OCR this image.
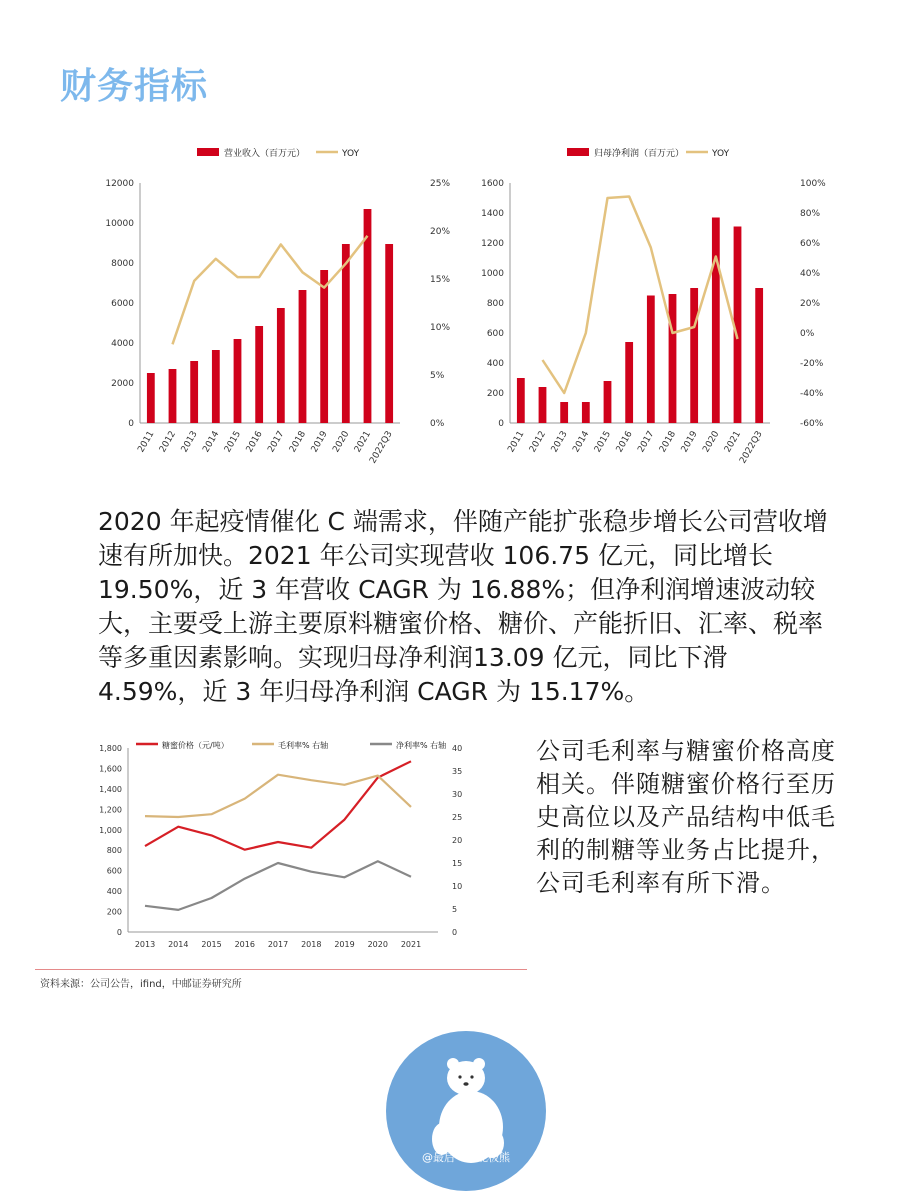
财务指标
营业收入（百万元）	YOY
0
2000
4000
6000
8000
10000
12000
0%
5%
10%
15%
20%
25%
2011 2012 2013 2014 2015 2016 2017 2018 2019 2020 2021
2022Q3
归母净利润（百万元）	YOY
0
200
400
600
800
1000
1200
1400
1600
-60%
-40%
-20%
0%
20%
40%
60%
80%
100%
2011 2012 2013 2014 2015 2016 2017 2018 2019 2020 2021
2022Q3
2020 年起疫情催化 C 端需求，伴随产能扩张稳步增长公司营收增速有所加快。2021 年公司实现营收 106.75 亿元，同比增长 19.50%，近 3 年营收 CAGR 为 16.88%；但净利润增速波动较大，主要受上游主要原料糖蜜价格、糖价、产能折旧、汇率、税率等多重因素影响。实现归母净利润13.09 亿元，同比下滑 4.59%，近 3 年归母净利润 CAGR 为 15.17%。
糖蜜价格（元/吨）	毛利率% 右轴	净利率% 右轴
0
200
400
600
800
1,000
1,200
1,400
1,600
1,800
0
5
10
15
20
25
30
35
40
2013 2014 2015 2016 2017 2018 2019 2020 2021
公司毛利率与糖蜜价格高度相关。伴随糖蜜价格行至历史高位以及产品结构中低毛利的制糖等业务占比提升，公司毛利率有所下滑。
资料来源：公司公告，ifind，中邮证券研究所
@最后一只北极熊
